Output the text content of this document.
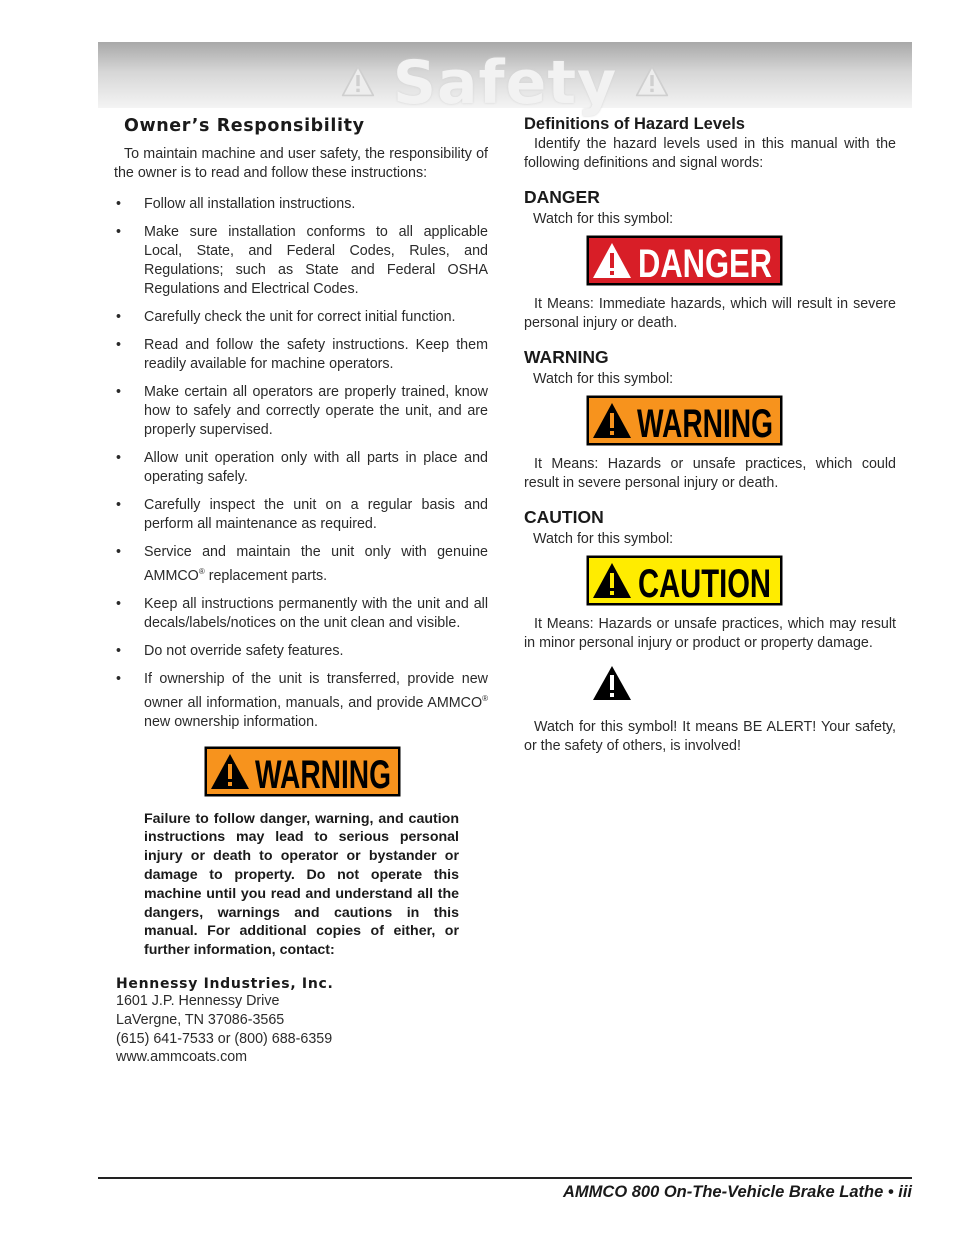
Safety
Owner’s Responsibility

To maintain machine and user safety, the responsibility of the owner is to read and follow these instructions:

• Follow all installation instructions.
• Make sure installation conforms to all applicable Local, State, and Federal Codes, Rules, and Regulations; such as State and Federal OSHA Regulations and Electrical Codes.
• Carefully check the unit for correct initial function.
• Read and follow the safety instructions. Keep them readily available for machine operators.
• Make certain all operators are properly trained, know how to safely and correctly operate the unit, and are properly supervised.
• Allow unit operation only with all parts in place and operating safely.
• Carefully inspect the unit on a regular basis and perform all maintenance as required.
• Service and maintain the unit only with genuine AMMCO® replacement parts.
• Keep all instructions permanently with the unit and all decals/labels/notices on the unit clean and visible.
• Do not override safety features.
• If ownership of the unit is transferred, provide new owner all information, manuals, and provide AMMCO® new ownership information.
WARNING

Failure to follow danger, warning, and caution instructions may lead to serious personal injury or death to operator or bystander or damage to property. Do not operate this machine until you read and understand all the dangers, warnings and cautions in this manual. For additional copies of either, or further information, contact:

Hennessy Industries, Inc.
1601 J.P. Hennessy Drive
LaVergne, TN 37086-3565
(615) 641-7533 or (800) 688-6359
www.ammcoats.com
Definitions of Hazard Levels

Identify the hazard levels used in this manual with the following definitions and signal words:

DANGER
Watch for this symbol:
DANGER

It Means: Immediate hazards, which will result in severe personal injury or death.

WARNING
Watch for this symbol:
WARNING

It Means: Hazards or unsafe practices, which could result in severe personal injury or death.

CAUTION
Watch for this symbol:
CAUTION

It Means: Hazards or unsafe practices, which may result in minor personal injury or product or property damage.

Watch for this symbol! It means BE ALERT! Your safety, or the safety of others, is involved!

AMMCO 800 On-The-Vehicle Brake Lathe • iii
